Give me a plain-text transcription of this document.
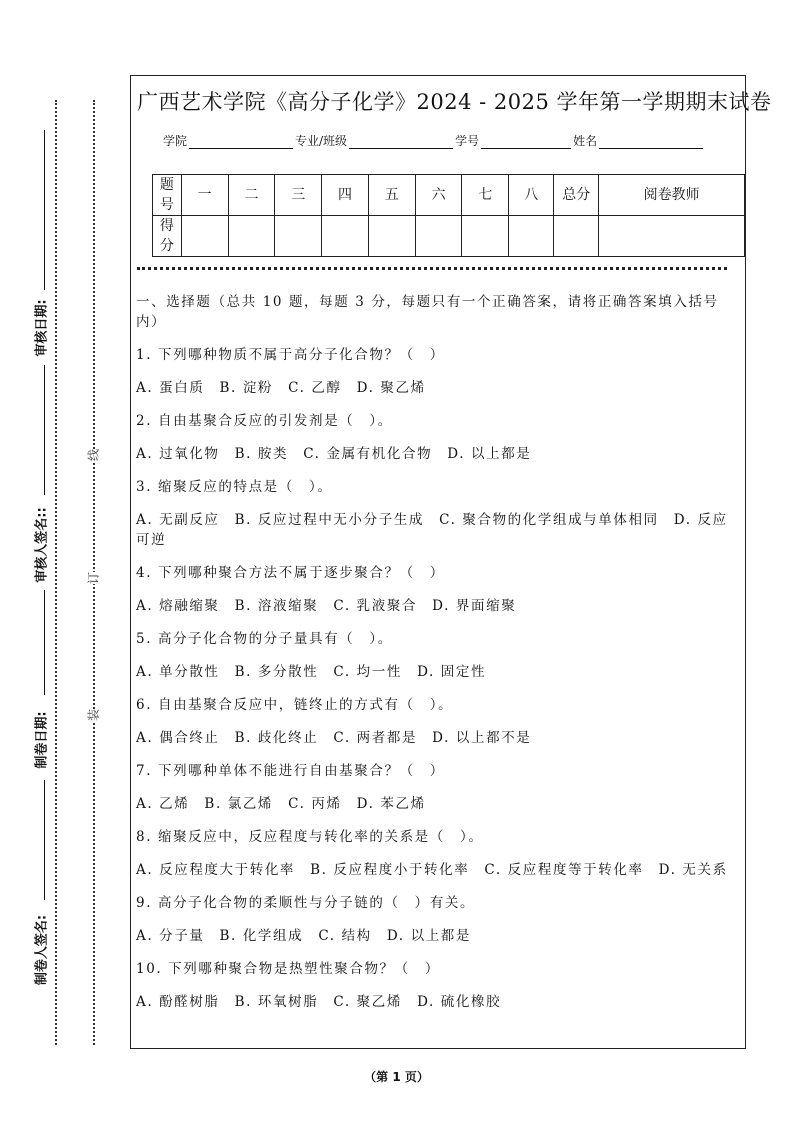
审核日期:
审核人签名::
制卷日期:
制卷人签名:
线
订
装
广西艺术学院《高分子化学》2024 - 2025 学年第一学期期末试卷
学院	专业/班级	学号	姓名
题号	一	二	三	四	五	六	七	八	总分	阅卷教师
得分										

一、选择题（总共 10 题，每题 3 分，每题只有一个正确答案，请将正确答案填入括号内）

1. 下列哪种物质不属于高分子化合物？（　）

A. 蛋白质　B. 淀粉　C. 乙醇　D. 聚乙烯

2. 自由基聚合反应的引发剂是（　）。

A. 过氧化物　B. 胺类　C. 金属有机化合物　D. 以上都是

3. 缩聚反应的特点是（　）。

A. 无副反应　B. 反应过程中无小分子生成　C. 聚合物的化学组成与单体相同　D. 反应可逆

4. 下列哪种聚合方法不属于逐步聚合？（　）

A. 熔融缩聚　B. 溶液缩聚　C. 乳液聚合　D. 界面缩聚

5. 高分子化合物的分子量具有（　）。

A. 单分散性　B. 多分散性　C. 均一性　D. 固定性

6. 自由基聚合反应中，链终止的方式有（　）。

A. 偶合终止　B. 歧化终止　C. 两者都是　D. 以上都不是

7. 下列哪种单体不能进行自由基聚合？（　）

A. 乙烯　B. 氯乙烯　C. 丙烯　D. 苯乙烯

8. 缩聚反应中，反应程度与转化率的关系是（　）。

A. 反应程度大于转化率　B. 反应程度小于转化率　C. 反应程度等于转化率　D. 无关系

9. 高分子化合物的柔顺性与分子链的（　）有关。

A. 分子量　B. 化学组成　C. 结构　D. 以上都是

10. 下列哪种聚合物是热塑性聚合物？（　）

A. 酚醛树脂　B. 环氧树脂　C. 聚乙烯　D. 硫化橡胶

（第 1 页）
